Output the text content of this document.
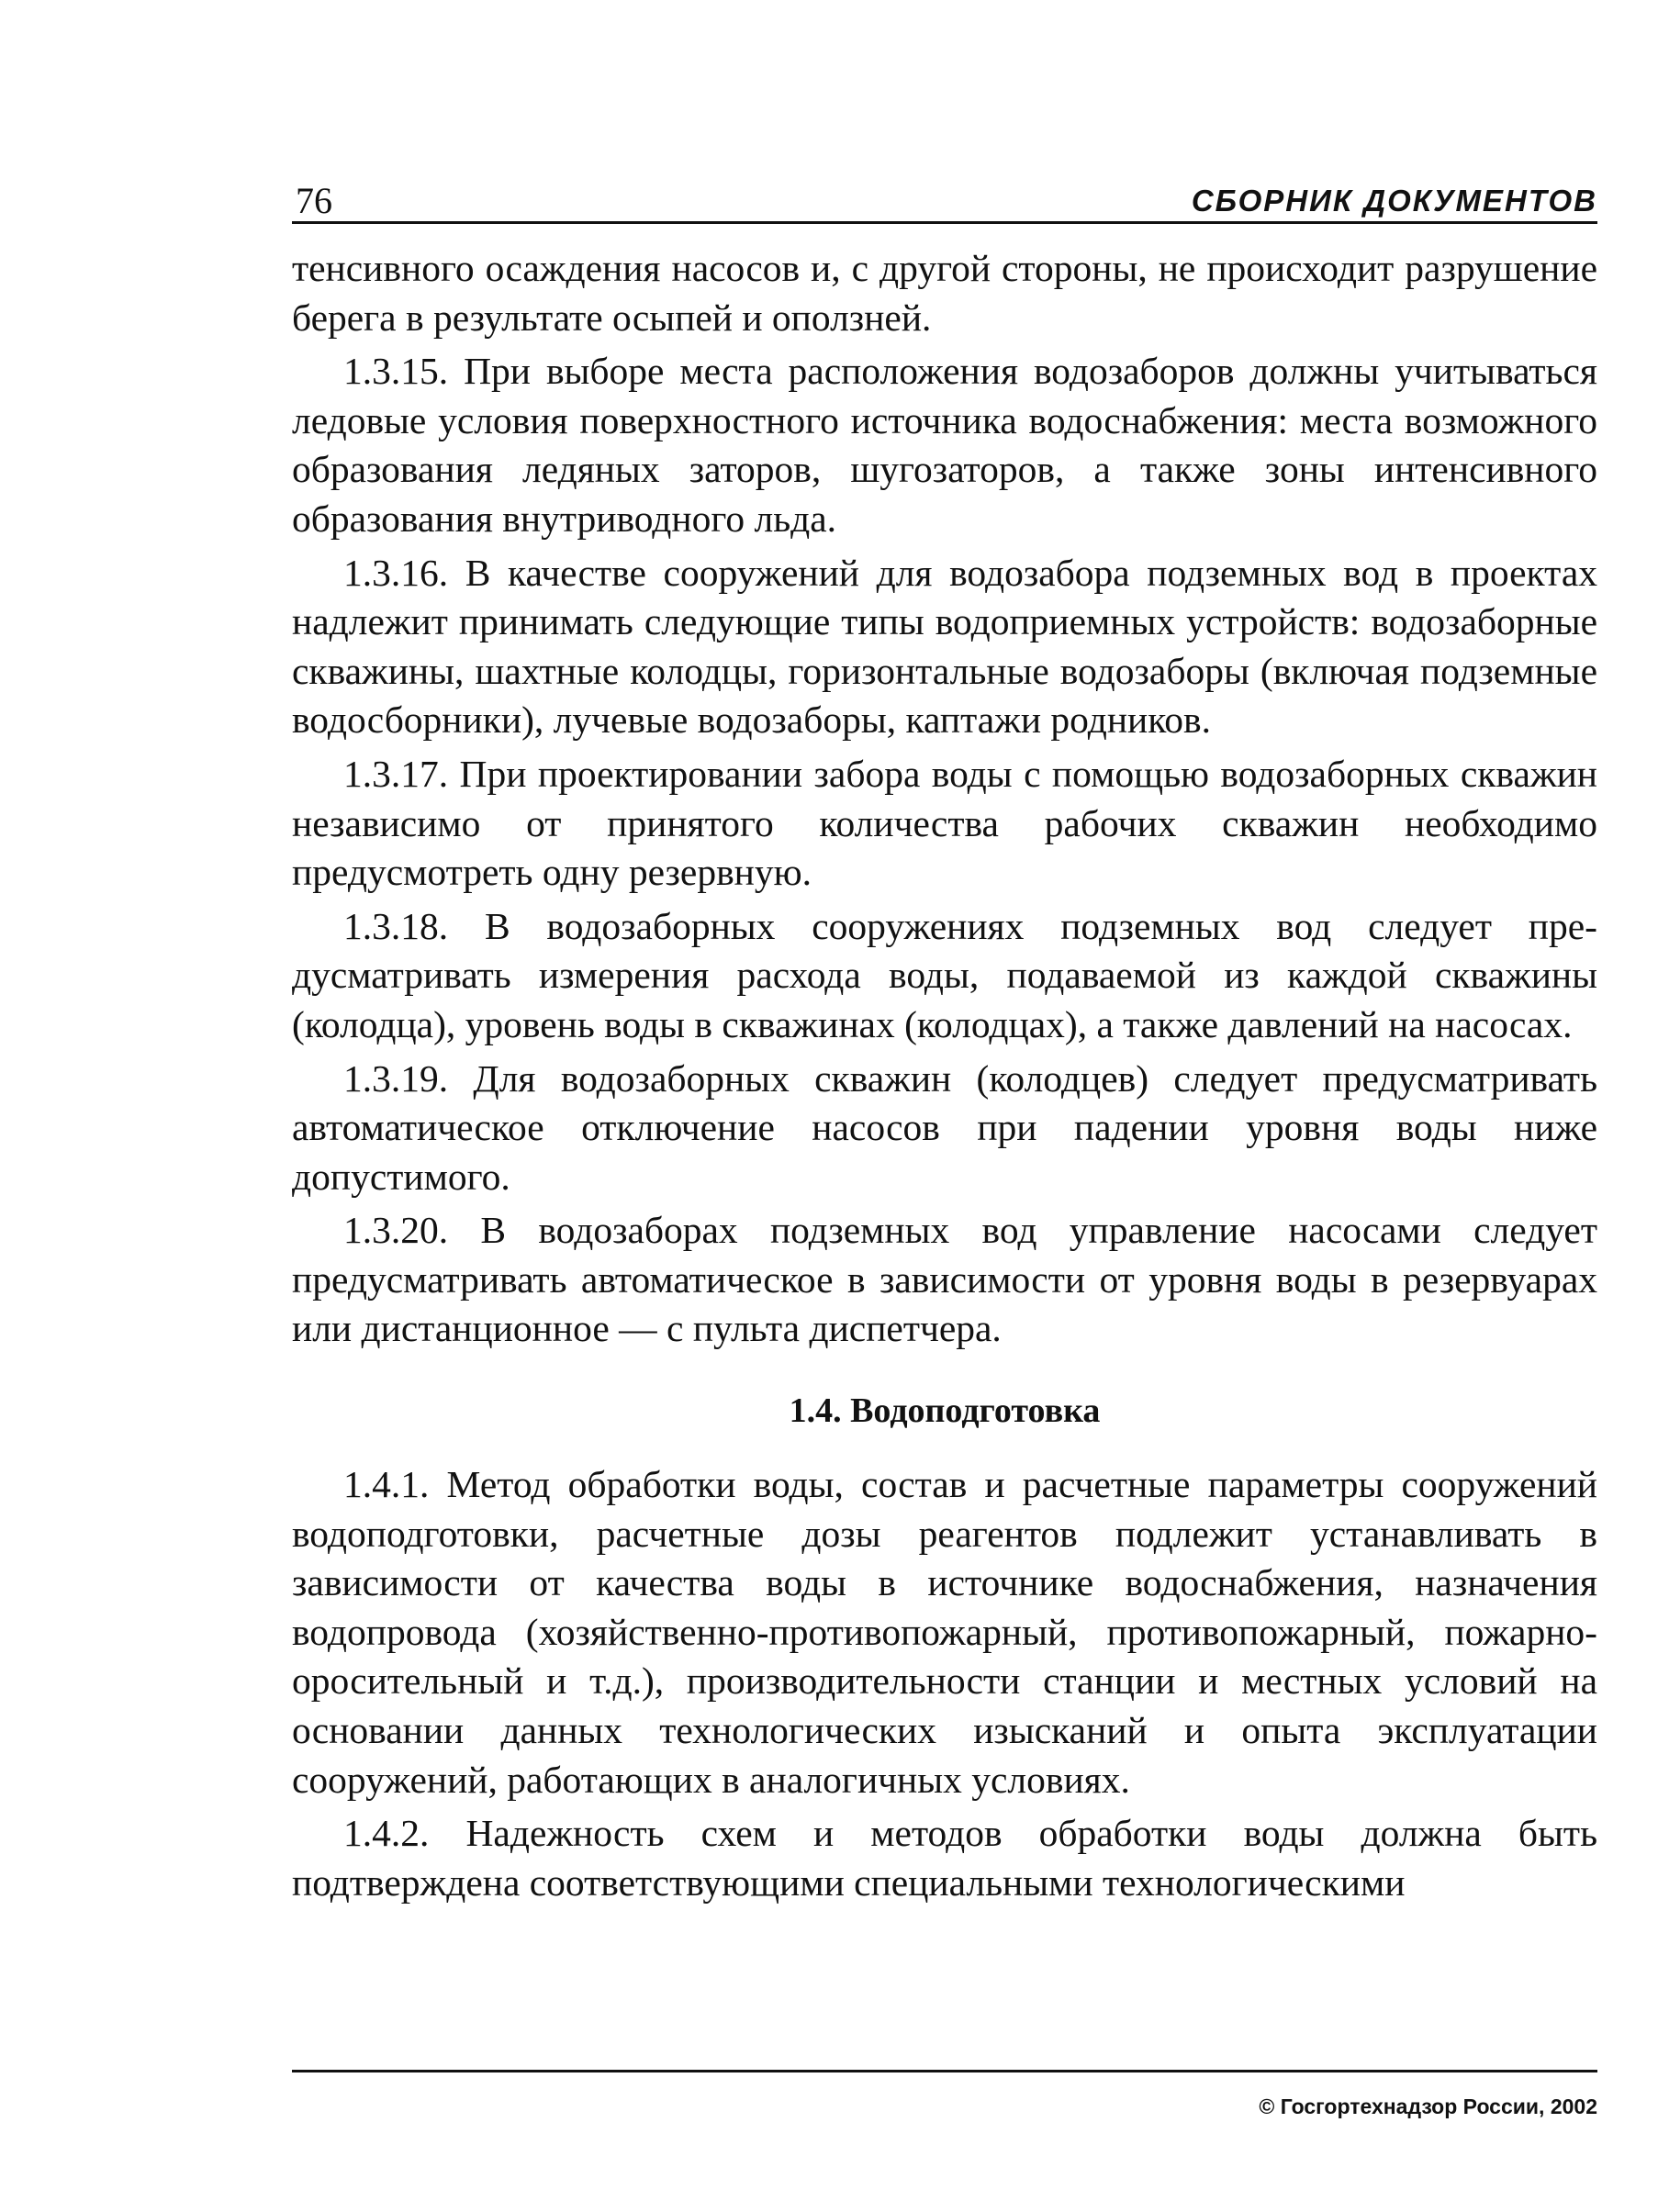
76	СБОРНИК ДОКУМЕНТОВ

тенсивного осаждения насосов и, с другой стороны, не происходит разрушение берега в результате осыпей и оползней.

1.3.15. При выборе места расположения водозаборов должны учитываться ледовые условия поверхностного источника водоснабжения: места возможного образования ледяных заторов, шугозаторов, а также зоны интенсивного образования внутриводного льда.

1.3.16. В качестве сооружений для водозабора подземных вод в проектах надлежит принимать следующие типы водоприемных устройств: водозаборные скважины, шахтные колодцы, горизонтальные водозаборы (включая подземные водосборники), лучевые водозаборы, каптажи родников.

1.3.17. При проектировании забора воды с помощью водозаборных скважин независимо от принятого количества рабочих скважин необходимо предусмотреть одну резервную.

1.3.18. В водозаборных сооружениях подземных вод следует предусматривать измерения расхода воды, подаваемой из каждой скважины (колодца), уровень воды в скважинах (колодцах), а также давлений на насосах.

1.3.19. Для водозаборных скважин (колодцев) следует предусматривать автоматическое отключение насосов при падении уровня воды ниже допустимого.

1.3.20. В водозаборах подземных вод управление насосами следует предусматривать автоматическое в зависимости от уровня воды в резервуарах или дистанционное — с пульта диспетчера.

1.4. Водоподготовка

1.4.1. Метод обработки воды, состав и расчетные параметры сооружений водоподготовки, расчетные дозы реагентов подлежит устанавливать в зависимости от качества воды в источнике водоснабжения, назначения водопровода (хозяйственно-противопожарный, противопожарный, пожарно-оросительный и т.д.), производительности станции и местных условий на основании данных технологических изысканий и опыта эксплуатации сооружений, работающих в аналогичных условиях.

1.4.2. Надежность схем и методов обработки воды должна быть подтверждена соответствующими специальными технологическими

© Госгортехнадзор России, 2002
